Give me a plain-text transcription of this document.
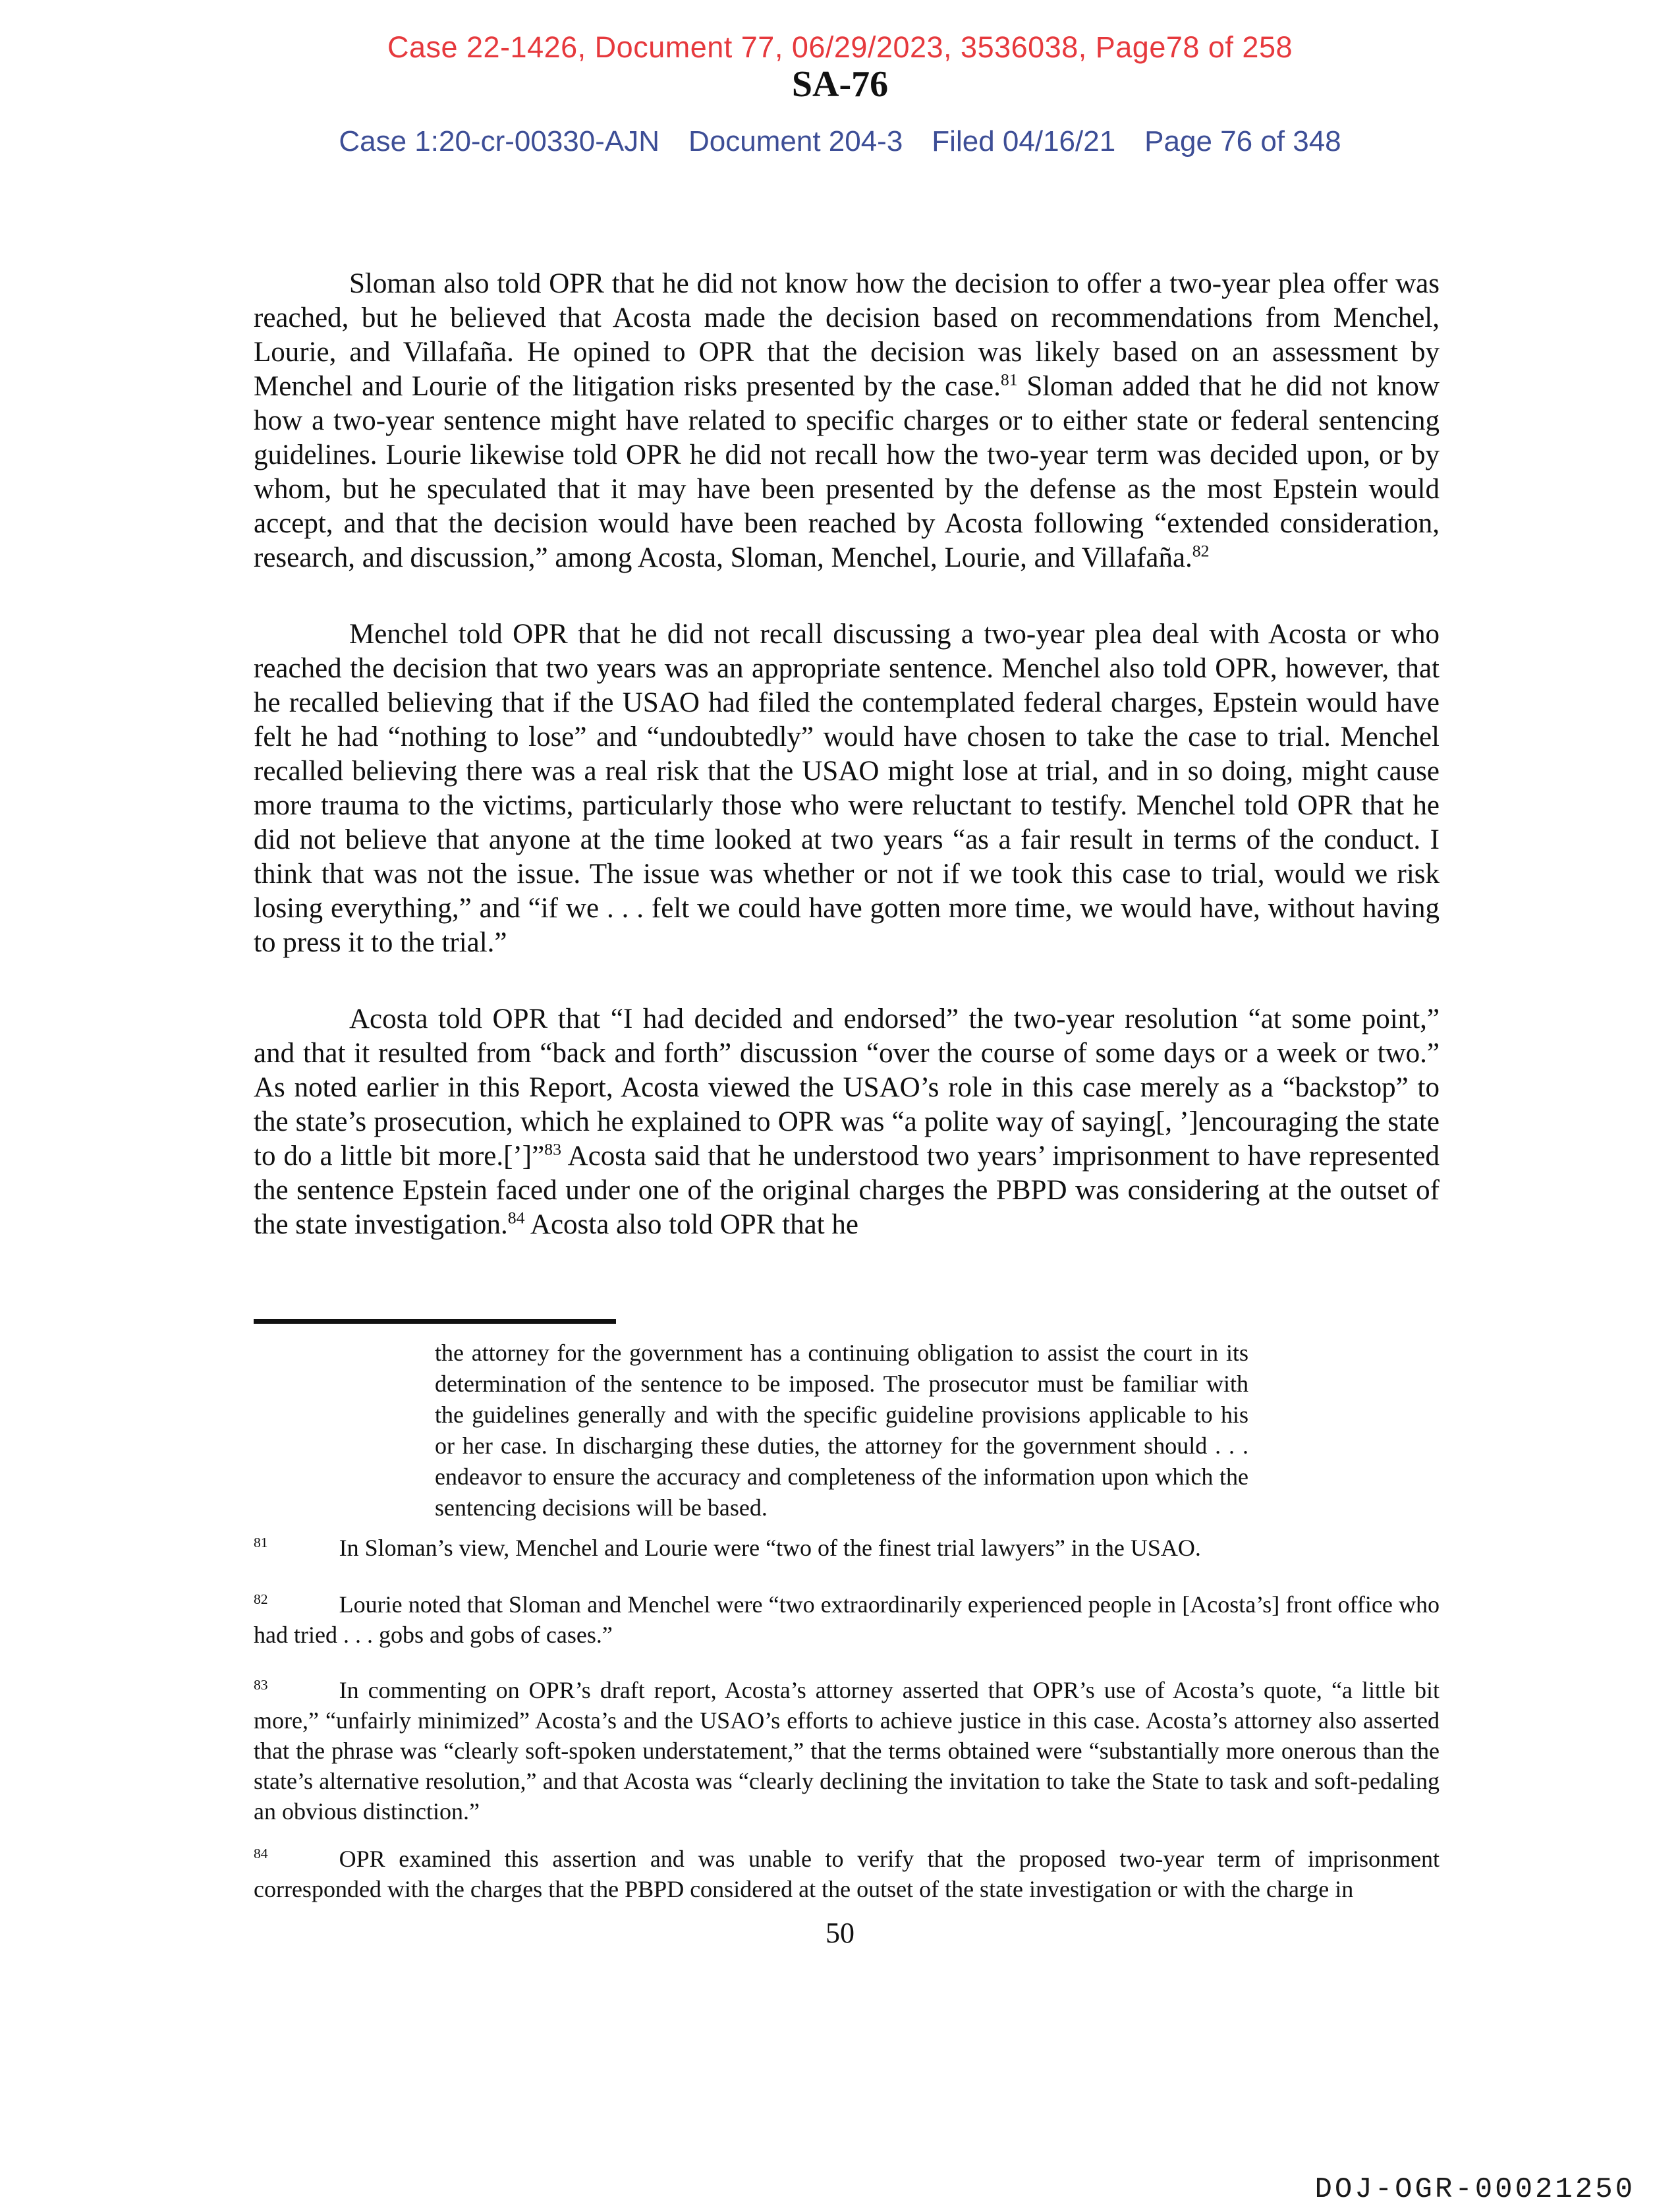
Case 22-1426, Document 77, 06/29/2023, 3536038, Page78 of 258
SA-76
Case 1:20-cr-00330-AJN Document 204-3 Filed 04/16/21 Page 76 of 348

Sloman also told OPR that he did not know how the decision to offer a two-year plea offer was reached, but he believed that Acosta made the decision based on recommendations from Menchel, Lourie, and Villafaña. He opined to OPR that the decision was likely based on an assessment by Menchel and Lourie of the litigation risks presented by the case.$^{81}$ Sloman added that he did not know how a two-year sentence might have related to specific charges or to either state or federal sentencing guidelines. Lourie likewise told OPR he did not recall how the two-year term was decided upon, or by whom, but he speculated that it may have been presented by the defense as the most Epstein would accept, and that the decision would have been reached by Acosta following “extended consideration, research, and discussion,” among Acosta, Sloman, Menchel, Lourie, and Villafaña.$^{82}$

Menchel told OPR that he did not recall discussing a two-year plea deal with Acosta or who reached the decision that two years was an appropriate sentence. Menchel also told OPR, however, that he recalled believing that if the USAO had filed the contemplated federal charges, Epstein would have felt he had “nothing to lose” and “undoubtedly” would have chosen to take the case to trial. Menchel recalled believing there was a real risk that the USAO might lose at trial, and in so doing, might cause more trauma to the victims, particularly those who were reluctant to testify. Menchel told OPR that he did not believe that anyone at the time looked at two years “as a fair result in terms of the conduct. I think that was not the issue. The issue was whether or not if we took this case to trial, would we risk losing everything,” and “if we . . . felt we could have gotten more time, we would have, without having to press it to the trial.”

Acosta told OPR that “I had decided and endorsed” the two-year resolution “at some point,” and that it resulted from “back and forth” discussion “over the course of some days or a week or two.” As noted earlier in this Report, Acosta viewed the USAO’s role in this case merely as a “backstop” to the state’s prosecution, which he explained to OPR was “a polite way of saying[, ’]encouraging the state to do a little bit more.[’]”$^{83}$ Acosta said that he understood two years’ imprisonment to have represented the sentence Epstein faced under one of the original charges the PBPD was considering at the outset of the state investigation.$^{84}$ Acosta also told OPR that he

the attorney for the government has a continuing obligation to assist the court in its determination of the sentence to be imposed. The prosecutor must be familiar with the guidelines generally and with the specific guideline provisions applicable to his or her case. In discharging these duties, the attorney for the government should . . . endeavor to ensure the accuracy and completeness of the information upon which the sentencing decisions will be based.

$^{81}$	In Sloman’s view, Menchel and Lourie were “two of the finest trial lawyers” in the USAO.

$^{82}$	Lourie noted that Sloman and Menchel were “two extraordinarily experienced people in [Acosta’s] front office who had tried . . . gobs and gobs of cases.”

$^{83}$	In commenting on OPR’s draft report, Acosta’s attorney asserted that OPR’s use of Acosta’s quote, “a little bit more,” “unfairly minimized” Acosta’s and the USAO’s efforts to achieve justice in this case. Acosta’s attorney also asserted that the phrase was “clearly soft-spoken understatement,” that the terms obtained were “substantially more onerous than the state’s alternative resolution,” and that Acosta was “clearly declining the invitation to take the State to task and soft-pedaling an obvious distinction.”

$^{84}$	OPR examined this assertion and was unable to verify that the proposed two-year term of imprisonment corresponded with the charges that the PBPD considered at the outset of the state investigation or with the charge in

50
DOJ-OGR-00021250
